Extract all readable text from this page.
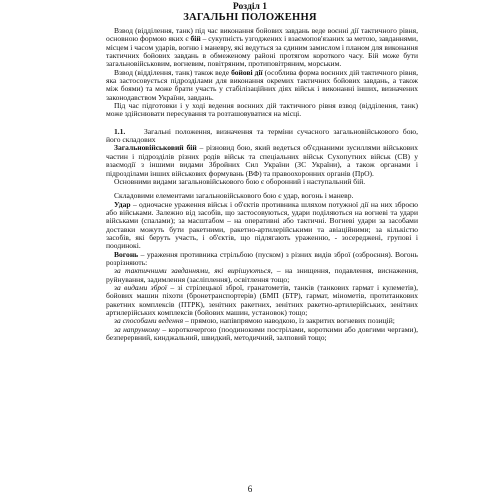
Розділ 1
ЗАГАЛЬНІ ПОЛОЖЕННЯ

Взвод (відділення, танк) під час виконання бойових завдань веде воєнні дії тактичного рівня, основною формою яких є бій – сукупність узгоджених і взаємопов'язаних за метою, завданнями, місцем і часом ударів, вогню і маневру, які ведуться за єдиним замислом і планом для виконання тактичних бойових завдань в обмеженому районі протягом короткого часу. Бій може бути загальновійськовим, вогневим, повітряним, протиповітряним, морським.

Взвод (відділення, танк) також веде бойові дії (особлива форма воєнних дій тактичного рівня, яка застосовується підрозділами для виконання окремих тактичних бойових завдань, а також між боями) та може брати участь у стабілізаційних діях військ і виконанні інших, визначених законодавством України, завдань.

Під час підготовки і у ході ведення воєнних дій тактичного рівня взвод (відділення, танк) може здійснювати пересування та розташовуватися на місці.

1.1. Загальні положення, визначення та терміни сучасного загальновійськового бою, його складових

Загальновійськовий бій – різновид бою, який ведеться об'єднаними зусиллями військових частин і підрозділів різних родів військ та спеціальних військ Сухопутних військ (СВ) у взаємодії з іншими видами Збройних Сил України (ЗС України), а також органами і підрозділами інших військових формувань (ВФ) та правоохоронних органів (ПрО).

Основними видами загальновійськового бою є оборонний і наступальний бій.

Складовими елементами загальновійськового бою є удар, вогонь і маневр.

Удар – одночасне ураження військ і об'єктів противника шляхом потужної дії на них зброєю або військами. Залежно від засобів, що застосовуються, удари поділяються на вогневі та удари військами (спалами); за масштабом – на оперативні або тактичні. Вогневі удари за засобами доставки можуть бути ракетними, ракетно-артилерійськими та авіаційними; за кількістю засобів, які беруть участь, і об'єктів, що підлягають ураженню, - зосереджені, групові і поодинокі.

Вогонь – ураження противника стрільбою (пуском) з різних видів зброї (озброєння). Вогонь розрізняють:

за тактичними завданнями, які вирішуються, – на знищення, подавлення, виснаження, руйнування, задимлення (засліплення), освітлення тощо;

за видами зброї – зі стрілецької зброї, гранатометів, танків (танкових гармат і кулеметів), бойових машин піхоти (бронетранспортерів) (БМП (БТР), гармат, мінометів, протитанкових ракетних комплексів (ПТРК), зенітних ракетних, зенітних ракетно-артилерійських, зенітних артилерійських комплексів (бойових машин, установок) тощо;

за способами ведення – прямою, напівпрямою наводкою, із закритих вогневих позицій;

за напрункому – короткочергою (поодинокими пострілами, короткими або довгими чергами), безперервний, кинджальний, швидкий, методичний, залповий тощо;

6
